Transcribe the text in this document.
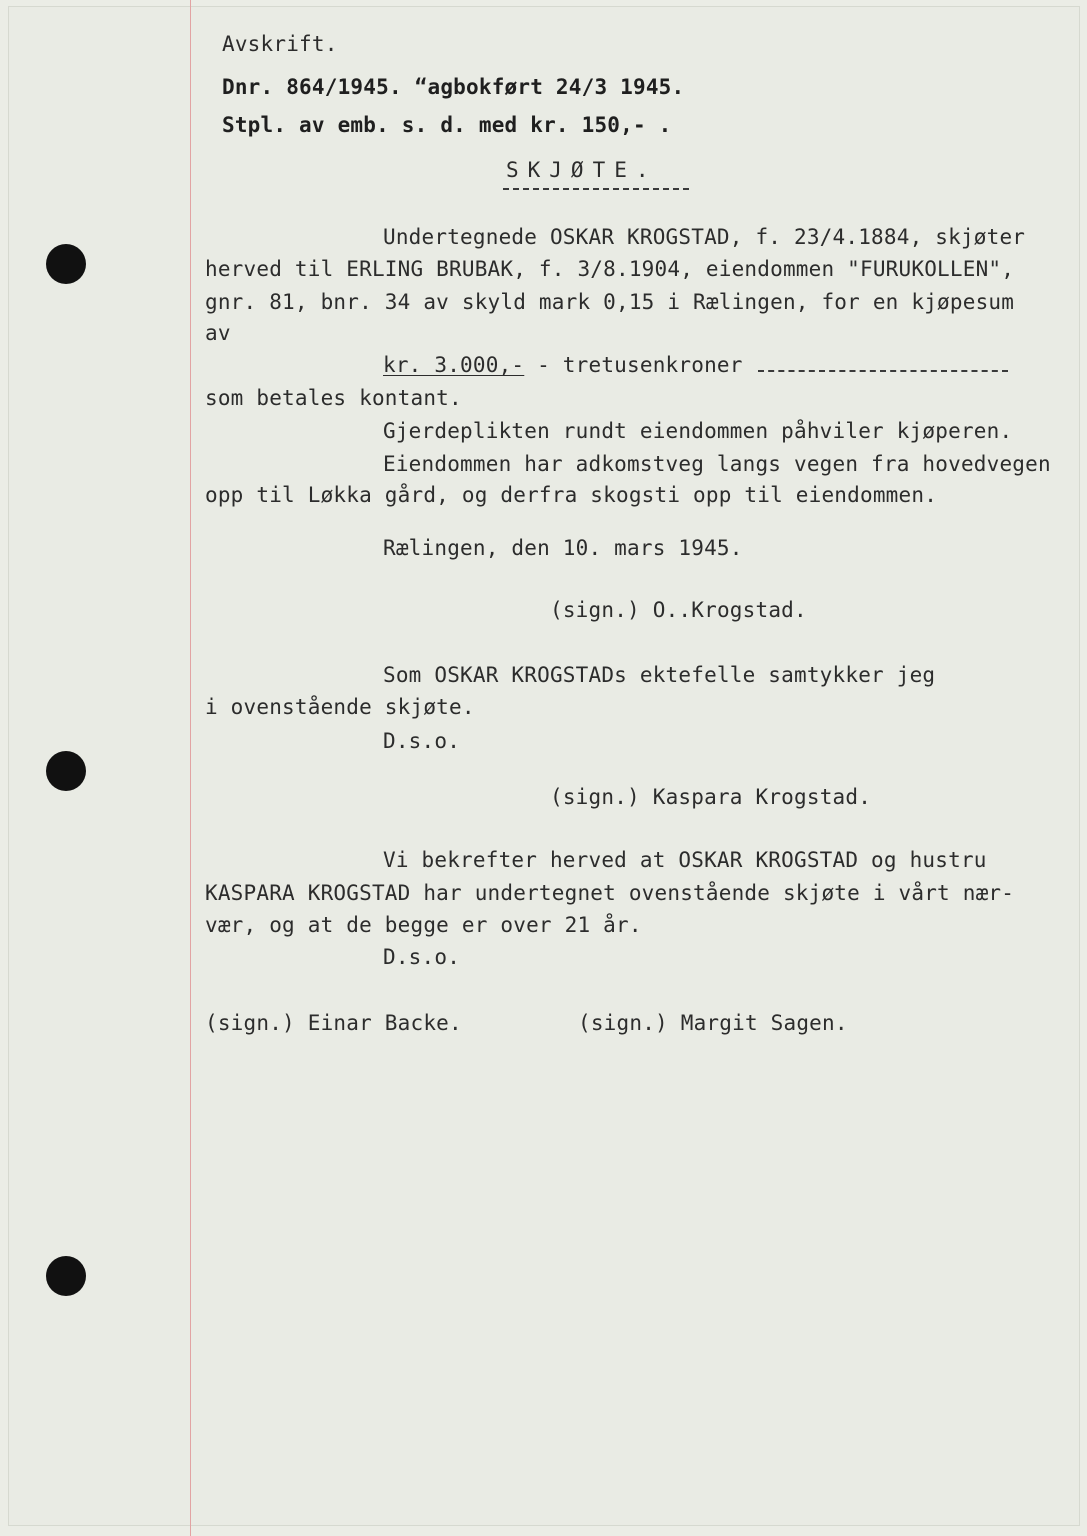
Avskrift.
Dnr. 864/1945. “agbokført 24/3 1945.
Stpl. av emb. s. d. med kr. 150,- .
SKJØTE.
Undertegnede OSKAR KROGSTAD, f. 23/4.1884, skjøter
herved til ERLING BRUBAK, f. 3/8.1904, eiendommen "FURUKOLLEN",
gnr. 81, bnr. 34 av skyld mark 0,15 i Rælingen, for en kjøpesum
av
kr. 3.000,- - tretusenkroner
som betales kontant.
Gjerdeplikten rundt eiendommen påhviler kjøperen.
Eiendommen har adkomstveg langs vegen fra hovedvegen
opp til Løkka gård, og derfra skogsti opp til eiendommen.
Rælingen, den 10. mars 1945.
(sign.) O..Krogstad.
Som OSKAR KROGSTADs ektefelle samtykker jeg
i ovenstående skjøte.
D.s.o.
(sign.) Kaspara Krogstad.
Vi bekrefter herved at OSKAR KROGSTAD og hustru
KASPARA KROGSTAD har undertegnet ovenstående skjøte i vårt nær-
vær, og at de begge er over 21 år.
D.s.o.
(sign.) Einar Backe.	(sign.) Margit Sagen.
